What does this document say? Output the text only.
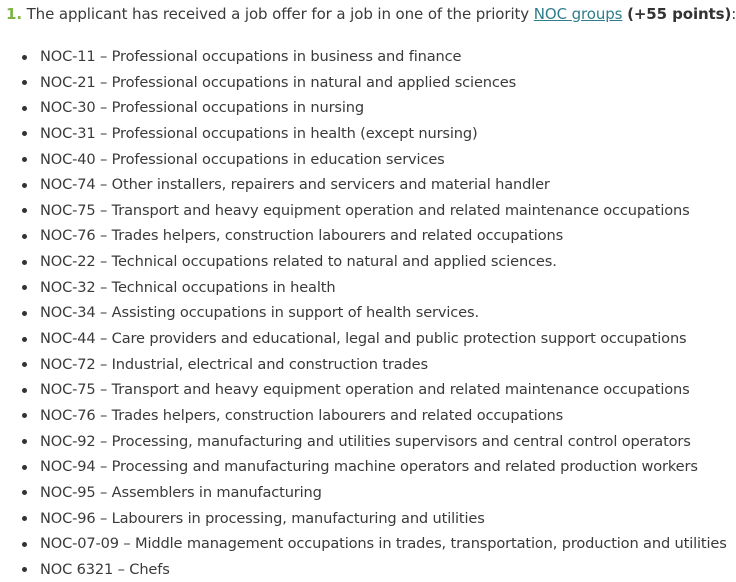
1. The applicant has received a job offer for a job in one of the priority NOC groups (+55 points):
NOC-11 – Professional occupations in business and finance
NOC-21 – Professional occupations in natural and applied sciences
NOC-30 – Professional occupations in nursing
NOC-31 – Professional occupations in health (except nursing)
NOC-40 – Professional occupations in education services
NOC-74 – Other installers, repairers and servicers and material handler
NOC-75 – Transport and heavy equipment operation and related maintenance occupations
NOC-76 – Trades helpers, construction labourers and related occupations
NOC-22 – Technical occupations related to natural and applied sciences.
NOC-32 – Technical occupations in health
NOC-34 – Assisting occupations in support of health services.
NOC-44 – Care providers and educational, legal and public protection support occupations
NOC-72 – Industrial, electrical and construction trades
NOC-75 – Transport and heavy equipment operation and related maintenance occupations
NOC-76 – Trades helpers, construction labourers and related occupations
NOC-92 – Processing, manufacturing and utilities supervisors and central control operators
NOC-94 – Processing and manufacturing machine operators and related production workers
NOC-95 – Assemblers in manufacturing
NOC-96 – Labourers in processing, manufacturing and utilities
NOC-07-09 – Middle management occupations in trades, transportation, production and utilities
NOC 6321 – Chefs
